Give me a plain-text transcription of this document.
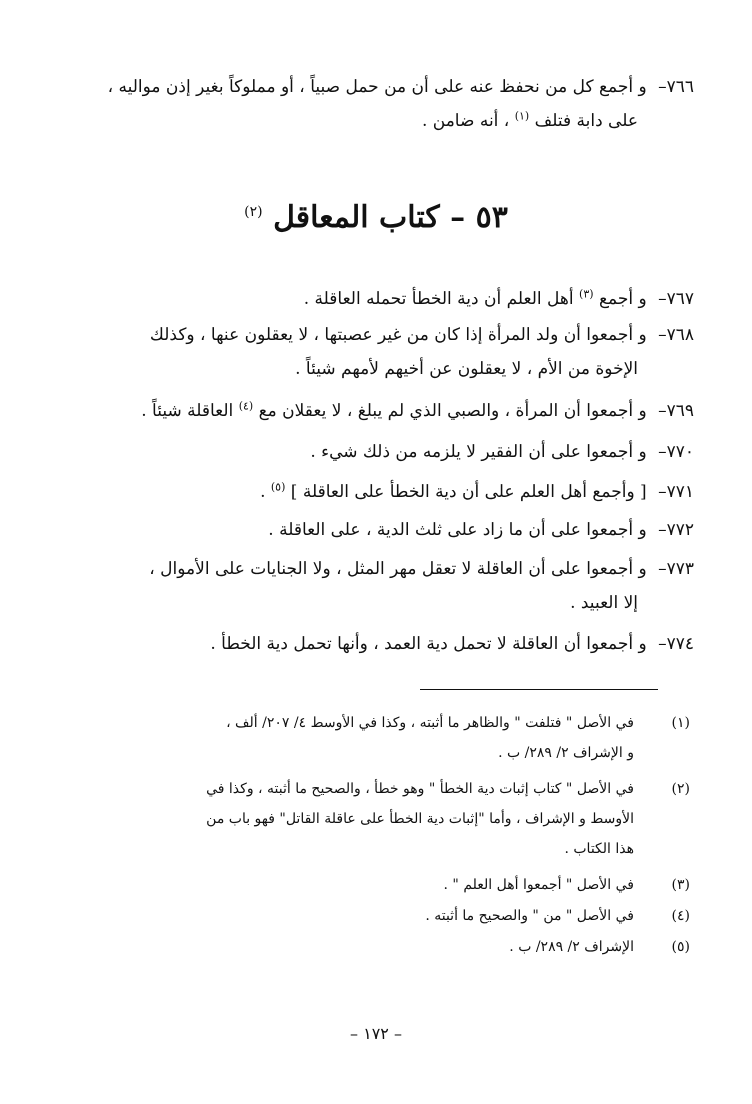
٧٦٦– و أجمع كل من نحفظ عنه على أن من حمل صبياً ، أو مملوكاً بغير إذن مواليه ،
على دابة فتلف $^{(١)}$ ، أنه ضامن .
٥٣ – كتاب المعاقل $^{(٢)}$
٧٦٧– و أجمع $^{(٣)}$ أهل العلم أن دية الخطأ تحمله العاقلة .
٧٦٨– و أجمعوا أن ولد المرأة إذا كان من غير عصبتها ، لا يعقلون عنها ، وكذلك
الإخوة من الأم ، لا يعقلون عن أخيهم لأمهم شيئاً .
٧٦٩– و أجمعوا أن المرأة ، والصبي الذي لم يبلغ ، لا يعقلان مع $^{(٤)}$ العاقلة شيئاً .
٧٧٠– و أجمعوا على أن الفقير لا يلزمه من ذلك شيء .
٧٧١– [ وأجمع أهل العلم على أن دية الخطأ على العاقلة ] $^{(٥)}$ .
٧٧٢– و أجمعوا على أن ما زاد على ثلث الدية ، على العاقلة .
٧٧٣– و أجمعوا على أن العاقلة لا تعقل مهر المثل ، ولا الجنايات على الأموال ،
إلا العبيد .
٧٧٤– و أجمعوا أن العاقلة لا تحمل دية العمد ، وأنها تحمل دية الخطأ .
(١)
في الأصل " فتلفت " والظاهر ما أثبته ، وكذا في الأوسط ٤/ ٢٠٧/ ألف ،
و الإشراف ٢/ ٢٨٩/ ب .
(٢)
في الأصل " كتاب إثبات دية الخطأ " وهو خطأ ، والصحيح ما أثبته ، وكذا في
الأوسط و الإشراف ، وأما "إثبات دية الخطأ على عاقلة القاتل" فهو باب من
هذا الكتاب .
(٣)
في الأصل " أجمعوا أهل العلم " .
(٤)
في الأصل " من " والصحيح ما أثبته .
(٥)
الإشراف ٢/ ٢٨٩/ ب .
– ١٧٢ –
